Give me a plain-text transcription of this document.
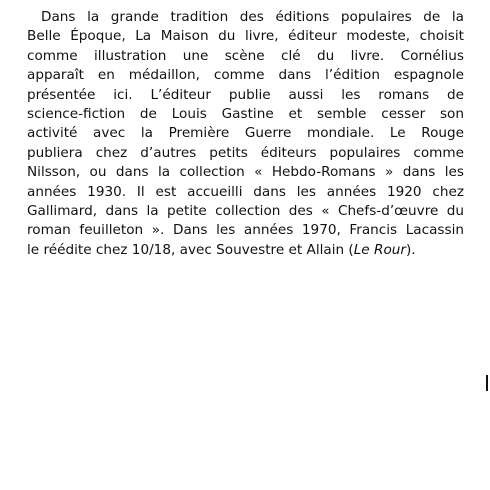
Dans la grande tradition des éditions populaires de la
Belle Époque, La Maison du livre, éditeur modeste, choisit
comme illustration une scène clé du livre. Cornélius
apparaît en médaillon, comme dans l’édition espagnole
présentée ici. L’éditeur publie aussi les romans de
science-fiction de Louis Gastine et semble cesser son
activité avec la Première Guerre mondiale. Le Rouge
publiera chez d’autres petits éditeurs populaires comme
Nilsson, ou dans la collection « Hebdo-Romans » dans les
années 1930. Il est accueilli dans les années 1920 chez
Gallimard, dans la petite collection des « Chefs-d’œuvre du
roman feuilleton ». Dans les années 1970, Francis Lacassin
le réédite chez 10/18, avec Souvestre et Allain (Le Rour).
